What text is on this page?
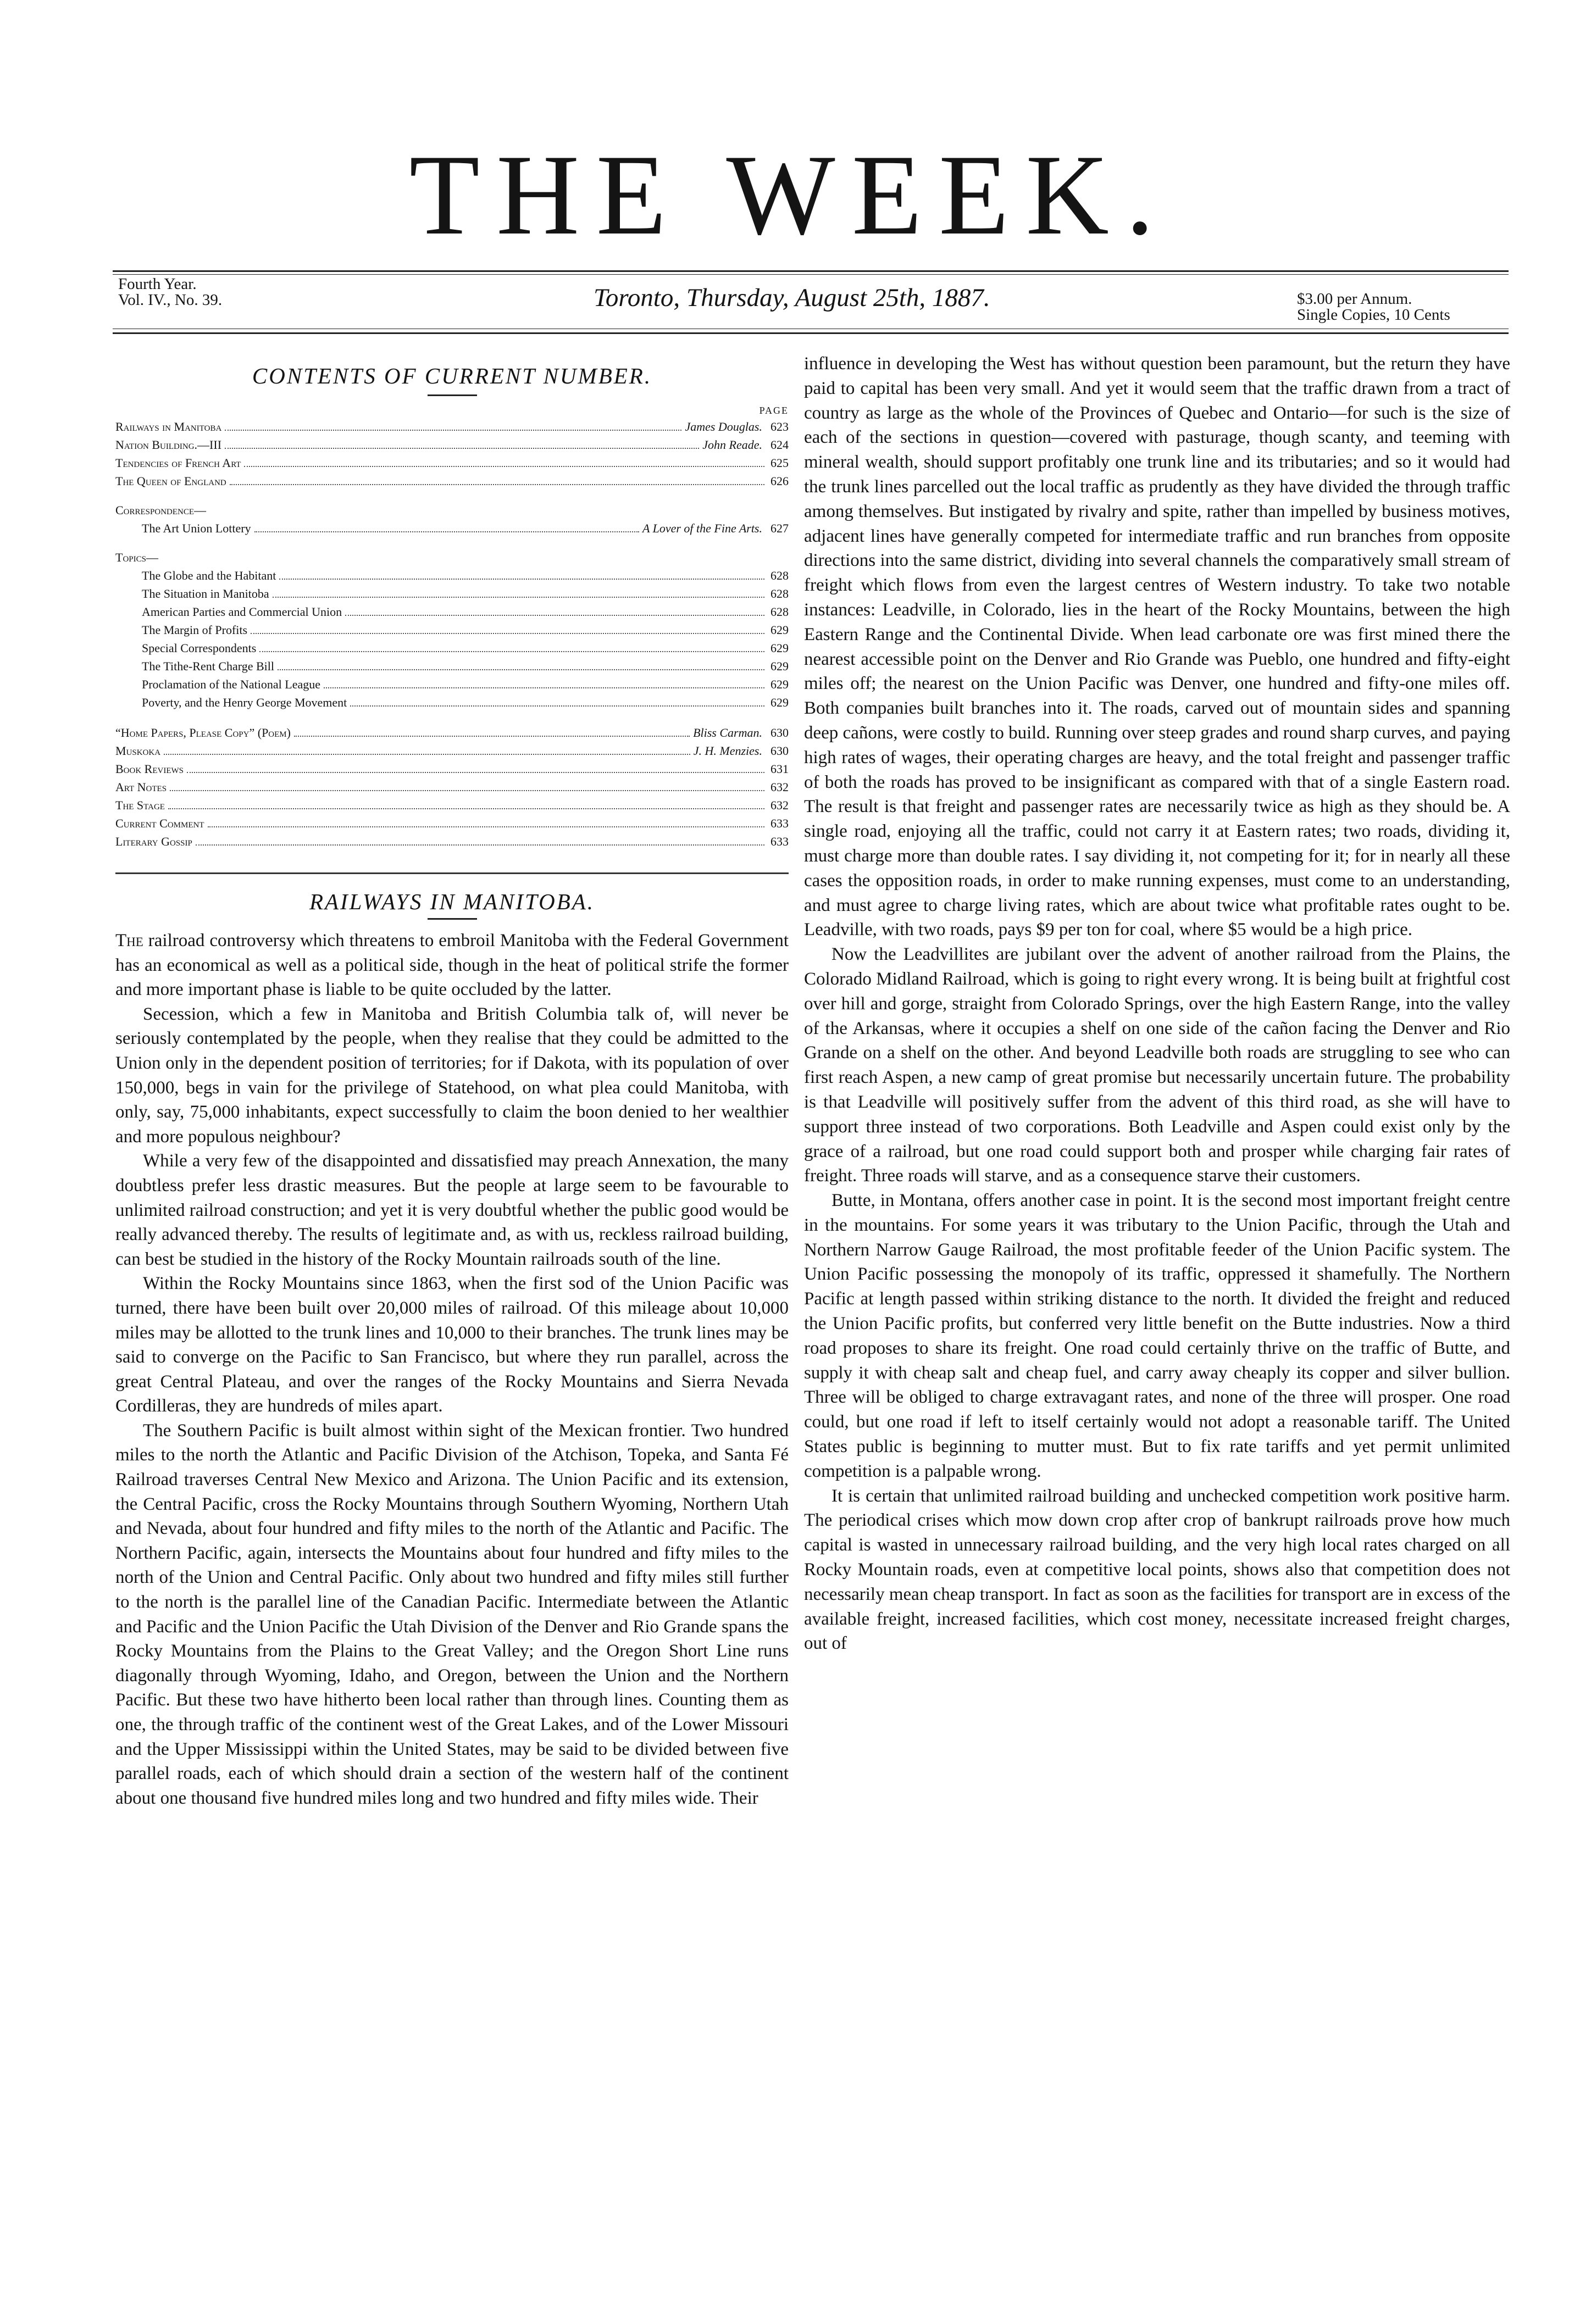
THE WEEK.
Fourth Year.
Vol. IV., No. 39.	Toronto, Thursday, August 25th, 1887.	$3.00 per Annum.
Single Copies, 10 Cents
CONTENTS OF CURRENT NUMBER.
PAGE
Railways in Manitoba	James Douglas. 623
Nation Building.—III	John Reade. 624
Tendencies of French Art	625
The Queen of England	626
Correspondence—
The Art Union Lottery	A Lover of the Fine Arts. 627
Topics—
The Globe and the Habitant	628
The Situation in Manitoba	628
American Parties and Commercial Union	628
The Margin of Profits	629
Special Correspondents	629
The Tithe-Rent Charge Bill	629
Proclamation of the National League	629
Poverty, and the Henry George Movement	629
“Home Papers, Please Copy” (Poem)	Bliss Carman. 630
Muskoka	J. H. Menzies. 630
Book Reviews	631
Art Notes	632
The Stage	632
Current Comment	633
Literary Gossip	633
RAILWAYS IN MANITOBA.

The railroad controversy which threatens to embroil Manitoba with the Federal Government has an economical as well as a political side, though in the heat of political strife the former and more important phase is liable to be quite occluded by the latter.

Secession, which a few in Manitoba and British Columbia talk of, will never be seriously contemplated by the people, when they realise that they could be admitted to the Union only in the dependent position of territories; for if Dakota, with its population of over 150,000, begs in vain for the privilege of Statehood, on what plea could Manitoba, with only, say, 75,000 inhabitants, expect successfully to claim the boon denied to her wealthier and more populous neighbour?

While a very few of the disappointed and dissatisfied may preach Annexation, the many doubtless prefer less drastic measures. But the people at large seem to be favourable to unlimited railroad construction; and yet it is very doubtful whether the public good would be really advanced thereby. The results of legitimate and, as with us, reckless railroad building, can best be studied in the history of the Rocky Mountain railroads south of the line.

Within the Rocky Mountains since 1863, when the first sod of the Union Pacific was turned, there have been built over 20,000 miles of railroad. Of this mileage about 10,000 miles may be allotted to the trunk lines and 10,000 to their branches. The trunk lines may be said to converge on the Pacific to San Francisco, but where they run parallel, across the great Central Plateau, and over the ranges of the Rocky Mountains and Sierra Nevada Cordilleras, they are hundreds of miles apart.

The Southern Pacific is built almost within sight of the Mexican frontier. Two hundred miles to the north the Atlantic and Pacific Division of the Atchison, Topeka, and Santa Fé Railroad traverses Central New Mexico and Arizona. The Union Pacific and its extension, the Central Pacific, cross the Rocky Mountains through Southern Wyoming, Northern Utah and Nevada, about four hundred and fifty miles to the north of the Atlantic and Pacific. The Northern Pacific, again, intersects the Mountains about four hundred and fifty miles to the north of the Union and Central Pacific. Only about two hundred and fifty miles still further to the north is the parallel line of the Canadian Pacific. Intermediate between the Atlantic and Pacific and the Union Pacific the Utah Division of the Denver and Rio Grande spans the Rocky Mountains from the Plains to the Great Valley; and the Oregon Short Line runs diagonally through Wyoming, Idaho, and Oregon, between the Union and the Northern Pacific. But these two have hitherto been local rather than through lines. Counting them as one, the through traffic of the continent west of the Great Lakes, and of the Lower Missouri and the Upper Mississippi within the United States, may be said to be divided between five parallel roads, each of which should drain a section of the western half of the continent about one thousand five hundred miles long and two hundred and fifty miles wide. Their

influence in developing the West has without question been paramount, but the return they have paid to capital has been very small. And yet it would seem that the traffic drawn from a tract of country as large as the whole of the Provinces of Quebec and Ontario—for such is the size of each of the sections in question—covered with pasturage, though scanty, and teeming with mineral wealth, should support profitably one trunk line and its tributaries; and so it would had the trunk lines parcelled out the local traffic as prudently as they have divided the through traffic among themselves. But instigated by rivalry and spite, rather than impelled by business motives, adjacent lines have generally competed for intermediate traffic and run branches from opposite directions into the same district, dividing into several channels the comparatively small stream of freight which flows from even the largest centres of Western industry. To take two notable instances: Leadville, in Colorado, lies in the heart of the Rocky Mountains, between the high Eastern Range and the Continental Divide. When lead carbonate ore was first mined there the nearest accessible point on the Denver and Rio Grande was Pueblo, one hundred and fifty-eight miles off; the nearest on the Union Pacific was Denver, one hundred and fifty-one miles off. Both companies built branches into it. The roads, carved out of mountain sides and spanning deep cañons, were costly to build. Running over steep grades and round sharp curves, and paying high rates of wages, their operating charges are heavy, and the total freight and passenger traffic of both the roads has proved to be insignificant as compared with that of a single Eastern road. The result is that freight and passenger rates are necessarily twice as high as they should be. A single road, enjoying all the traffic, could not carry it at Eastern rates; two roads, dividing it, must charge more than double rates. I say dividing it, not competing for it; for in nearly all these cases the opposition roads, in order to make running expenses, must come to an understanding, and must agree to charge living rates, which are about twice what profitable rates ought to be. Leadville, with two roads, pays $9 per ton for coal, where $5 would be a high price.

Now the Leadvillites are jubilant over the advent of another railroad from the Plains, the Colorado Midland Railroad, which is going to right every wrong. It is being built at frightful cost over hill and gorge, straight from Colorado Springs, over the high Eastern Range, into the valley of the Arkansas, where it occupies a shelf on one side of the cañon facing the Denver and Rio Grande on a shelf on the other. And beyond Leadville both roads are struggling to see who can first reach Aspen, a new camp of great promise but necessarily uncertain future. The probability is that Leadville will positively suffer from the advent of this third road, as she will have to support three instead of two corporations. Both Leadville and Aspen could exist only by the grace of a railroad, but one road could support both and prosper while charging fair rates of freight. Three roads will starve, and as a consequence starve their customers.

Butte, in Montana, offers another case in point. It is the second most important freight centre in the mountains. For some years it was tributary to the Union Pacific, through the Utah and Northern Narrow Gauge Railroad, the most profitable feeder of the Union Pacific system. The Union Pacific possessing the monopoly of its traffic, oppressed it shamefully. The Northern Pacific at length passed within striking distance to the north. It divided the freight and reduced the Union Pacific profits, but conferred very little benefit on the Butte industries. Now a third road proposes to share its freight. One road could certainly thrive on the traffic of Butte, and supply it with cheap salt and cheap fuel, and carry away cheaply its copper and silver bullion. Three will be obliged to charge extravagant rates, and none of the three will prosper. One road could, but one road if left to itself certainly would not adopt a reasonable tariff. The United States public is beginning to mutter must. But to fix rate tariffs and yet permit unlimited competition is a palpable wrong.

It is certain that unlimited railroad building and unchecked competition work positive harm. The periodical crises which mow down crop after crop of bankrupt railroads prove how much capital is wasted in unnecessary railroad building, and the very high local rates charged on all Rocky Mountain roads, even at competitive local points, shows also that competition does not necessarily mean cheap transport. In fact as soon as the facilities for transport are in excess of the available freight, increased facilities, which cost money, necessitate increased freight charges, out of
